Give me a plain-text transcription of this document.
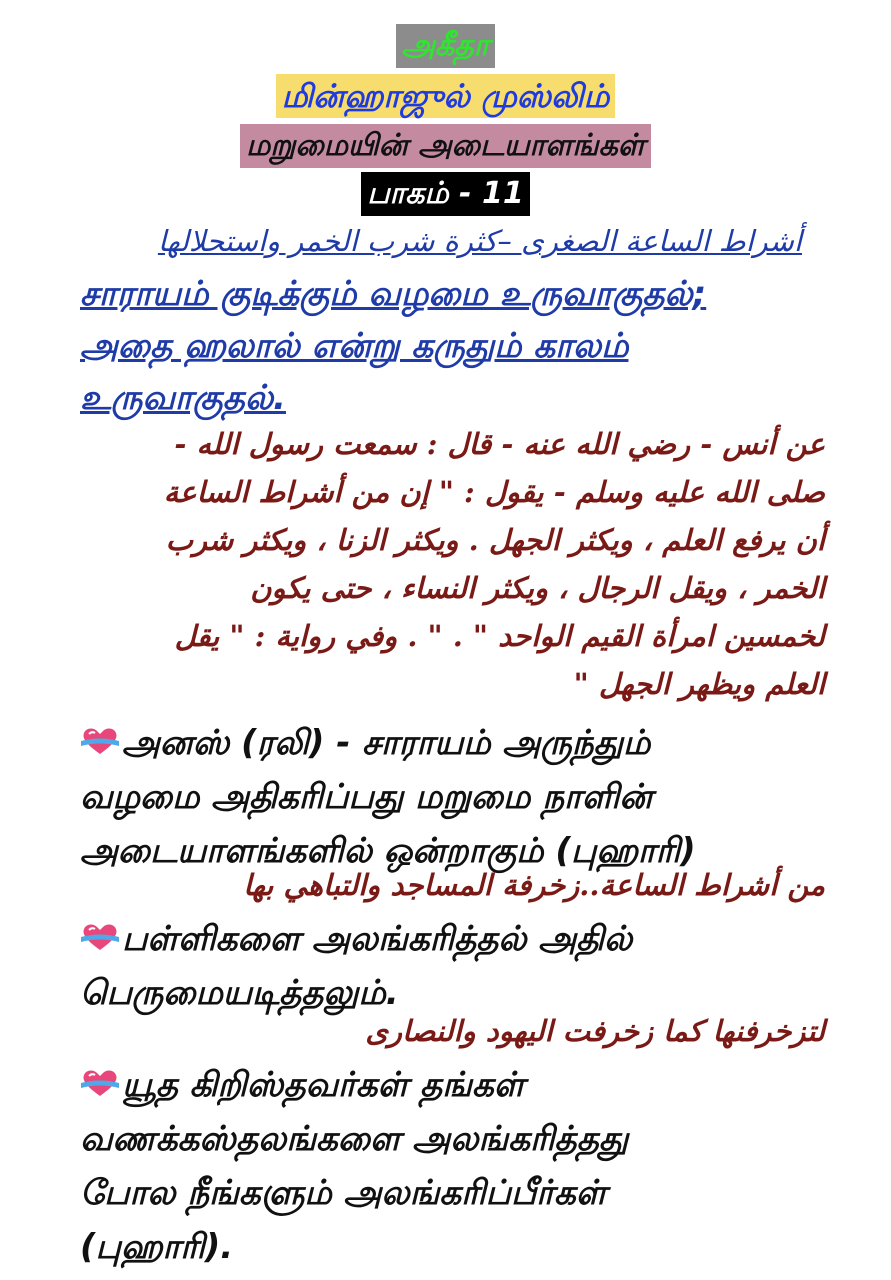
அகீதா
மின்ஹாஜுல் முஸ்லிம்
மறுமையின் அடையாளங்கள்
பாகம் - 11
أشراط الساعة الصغرى –كثرة شرب الخمر واستحلالها
சாராயம் குடிக்கும் வழமை உருவாகுதல்;
அதை ஹலால் என்று கருதும் காலம்
உருவாகுதல்.
عن أنس - رضي الله عنه - قال : سمعت رسول الله -
صلى الله عليه وسلم - يقول : " إن من أشراط الساعة
أن يرفع العلم ، ويكثر الجهل . ويكثر الزنا ، ويكثر شرب
الخمر ، ويقل الرجال ، ويكثر النساء ، حتى يكون
لخمسين امرأة القيم الواحد " . " . وفي رواية : " يقل
العلم ويظهر الجهل "
அனஸ் (ரலி) - சாராயம் அருந்தும்
வழமை அதிகரிப்பது மறுமை நாளின்
அடையாளங்களில் ஒன்றாகும் (புஹாரி)
من أشراط الساعة..زخرفة المساجد والتباهي بها
பள்ளிகளை அலங்கரித்தல் அதில்
பெருமையடித்தலும்.
لتزخرفنها كما زخرفت اليهود والنصارى
யூத கிறிஸ்தவர்கள் தங்கள்
வணக்கஸ்தலங்களை அலங்கரித்தது
போல நீங்களும் அலங்கரிப்பீர்கள்
(புஹாரி).
